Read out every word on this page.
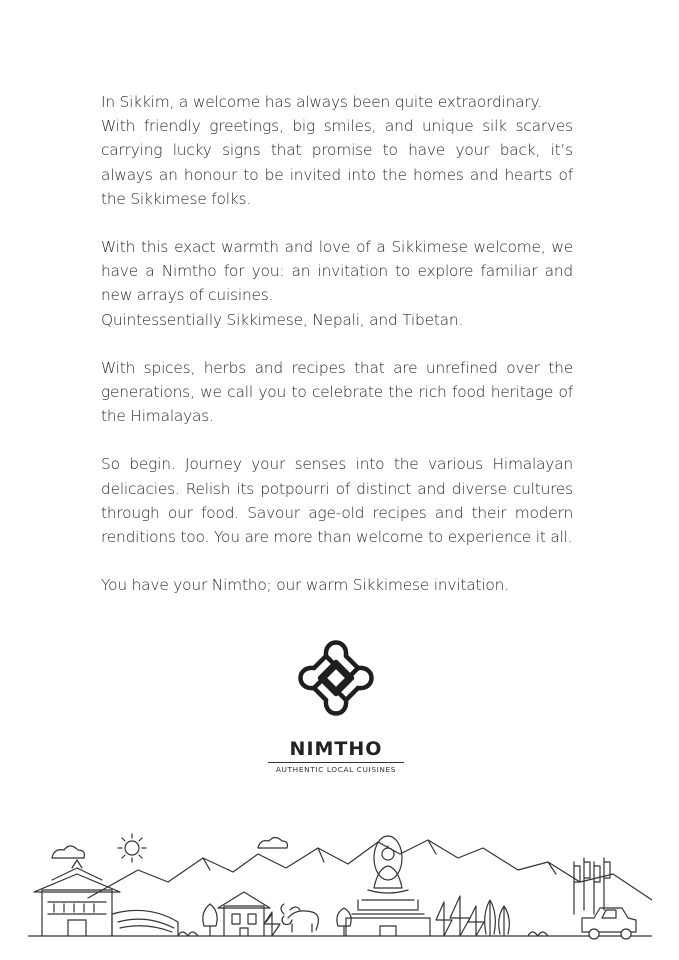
In Sikkim, a welcome has always been quite extraordinary.

With friendly greetings, big smiles, and unique silk scarves carrying lucky signs that promise to have your back, it’s always an honour to be invited into the homes and hearts of the Sikkimese folks.

With this exact warmth and love of a Sikkimese welcome, we have a Nimtho for you: an invitation to explore familiar and new arrays of cuisines.

Quintessentially Sikkimese, Nepali, and Tibetan.

With spices, herbs and recipes that are unrefined over the generations, we call you to celebrate the rich food heritage of the Himalayas.

So begin. Journey your senses into the various Himalayan delicacies. Relish its potpourri of distinct and diverse cultures through our food. Savour age-old recipes and their modern renditions too. You are more than welcome to experience it all.

You have your Nimtho; our warm Sikkimese invitation.

NIMTHO
AUTHENTIC LOCAL CUISINES
